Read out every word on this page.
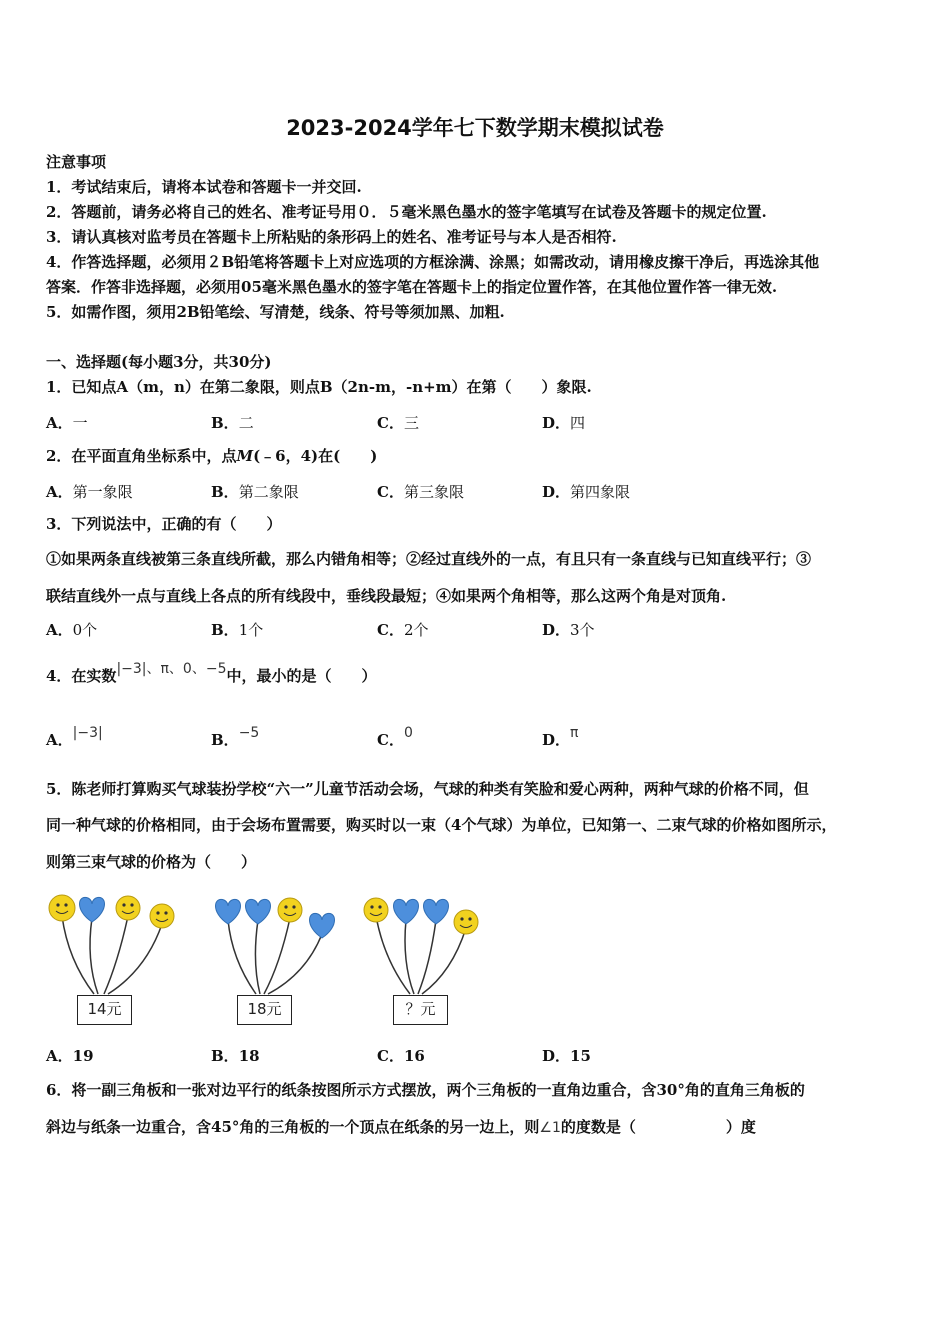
2023-2024学年七下数学期末模拟试卷
注意事项
1．考试结束后，请将本试卷和答题卡一并交回.
2．答题前，请务必将自己的姓名、准考证号用０．５毫米黑色墨水的签字笔填写在试卷及答题卡的规定位置.
3．请认真核对监考员在答题卡上所粘贴的条形码上的姓名、准考证号与本人是否相符.
4．作答选择题，必须用２B铅笔将答题卡上对应选项的方框涂满、涂黑；如需改动，请用橡皮擦干净后，再选涂其他
答案．作答非选择题，必须用05毫米黑色墨水的签字笔在答题卡上的指定位置作答，在其他位置作答一律无效.
5．如需作图，须用2B铅笔绘、写清楚，线条、符号等须加黑、加粗.
一、选择题(每小题3分，共30分)
1．已知点A（m，n）在第二象限，则点B（2n-m，-n+m）在第（　　）象限.
A．一	B．二	C．三	D．四
2．在平面直角坐标系中，点M(﹣6，4)在(　　)
A．第一象限	B．第二象限	C．第三象限	D．第四象限
3．下列说法中，正确的有（　　）
①如果两条直线被第三条直线所截，那么内错角相等；②经过直线外的一点，有且只有一条直线与已知直线平行；③
联结直线外一点与直线上各点的所有线段中，垂线段最短；④如果两个角相等，那么这两个角是对顶角.
A．0个	B．1个	C．2个	D．3个
4．在实数|−3|、π、0、−5中，最小的是（　　）
A．|−3|	B．−5	C．0	D．π
5．陈老师打算购买气球装扮学校“六一”儿童节活动会场，气球的种类有笑脸和爱心两种，两种气球的价格不同，但
同一种气球的价格相同，由于会场布置需要，购买时以一束（4个气球）为单位，已知第一、二束气球的价格如图所示，
则第三束气球的价格为（　　）
14元	18元	？元
A．19	B．18	C．16	D．15
6．将一副三角板和一张对边平行的纸条按图所示方式摆放，两个三角板的一直角边重合，含30°角的直角三角板的
斜边与纸条一边重合，含45°角的三角板的一个顶点在纸条的另一边上，则∠1的度数是（　　　　　　）度
